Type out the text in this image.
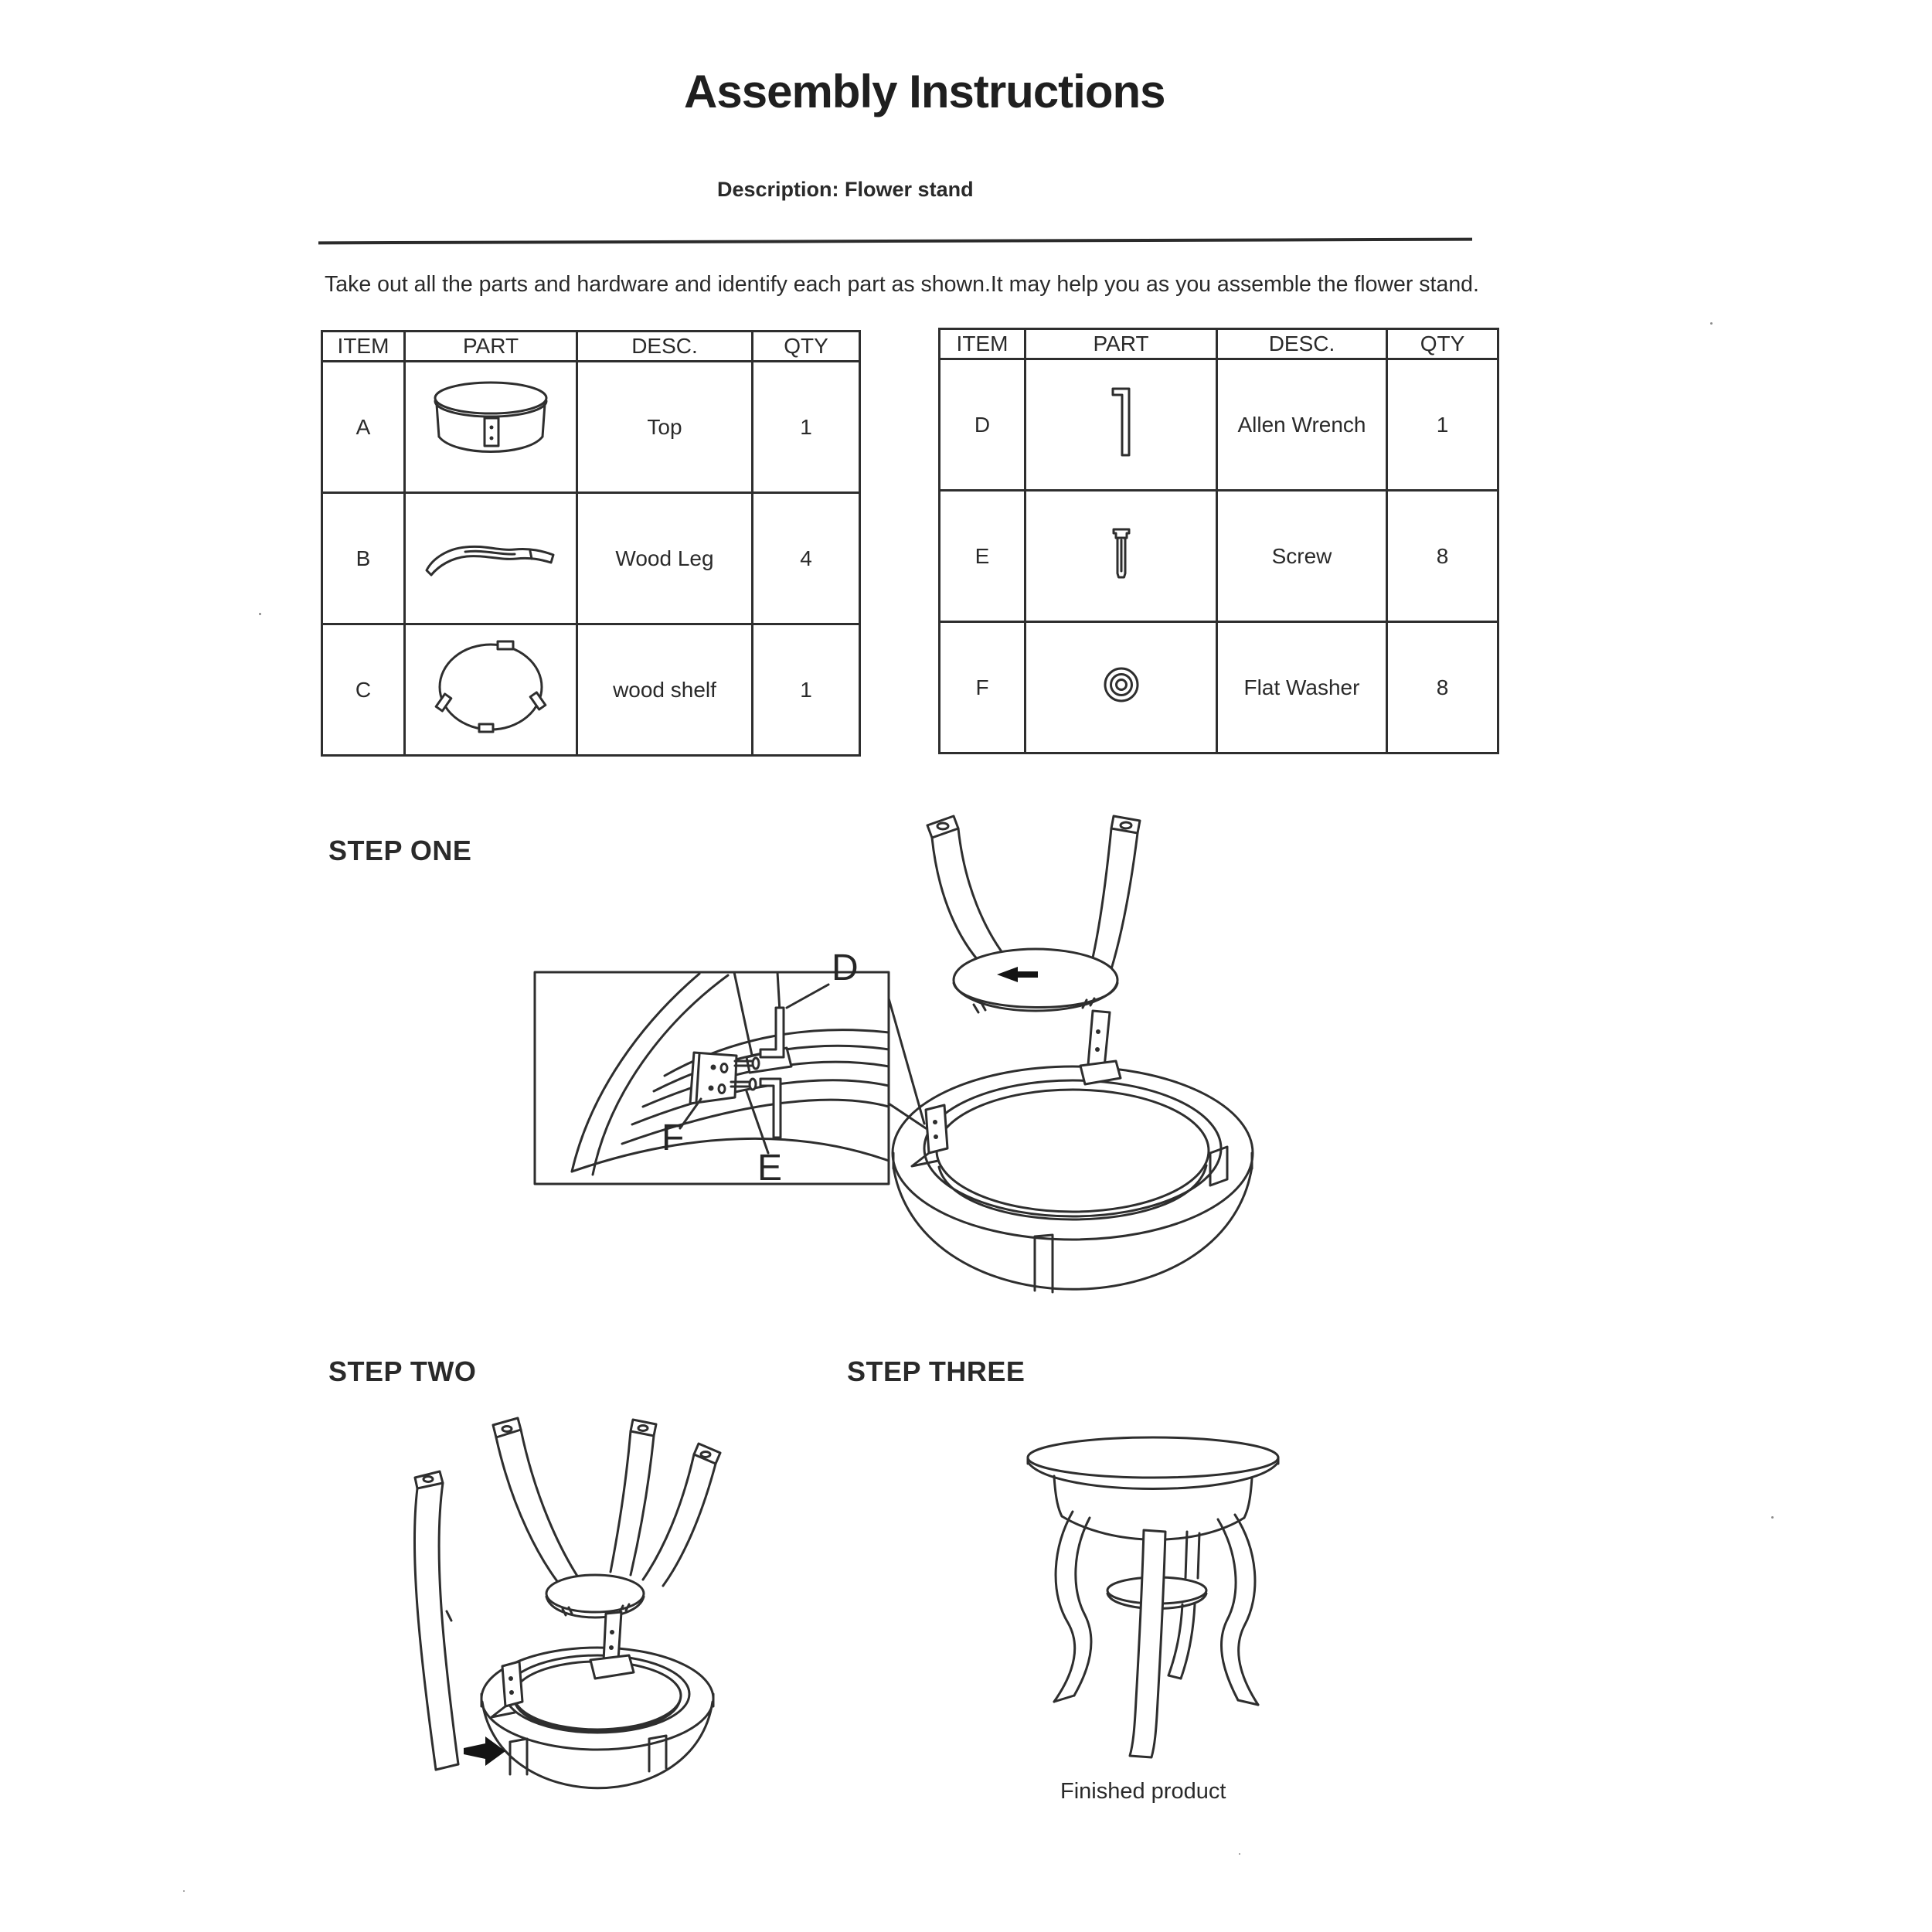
Assembly Instructions
Description: Flower stand
Take out all the parts and hardware and identify each part as shown.It may help you as you assemble the flower stand.
ITEM	PART	DESC.	QTY
A		Top	1
B		Wood Leg	4
C		wood shelf	1
ITEM	PART	DESC.	QTY
D		Allen Wrench	1
E		Screw	8
F		Flat Washer	8
STEP ONE
D
F
E
STEP TWO	STEP THREE
Finished product
